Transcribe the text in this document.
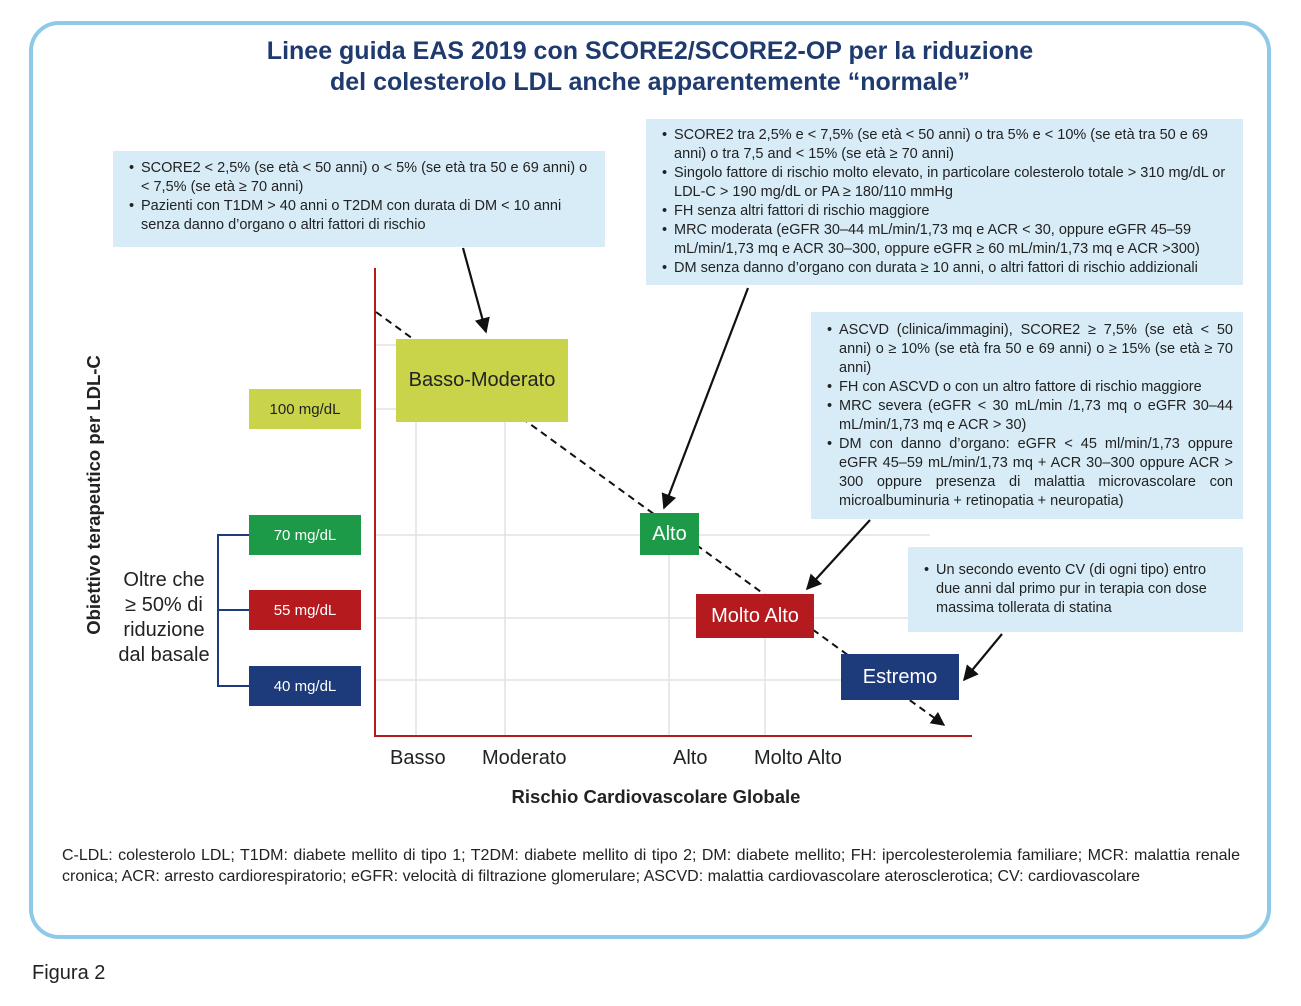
Linee guida EAS 2019 con SCORE2/SCORE2-OP per la riduzione
del colesterolo LDL anche apparentemente “normale”
• SCORE2 < 2,5% (se età < 50 anni) o < 5% (se età tra 50 e 69 anni) o < 7,5% (se età ≥ 70 anni)
• Pazienti con T1DM > 40 anni o T2DM con durata di DM < 10 anni senza danno d’organo o altri fattori di rischio
• SCORE2 tra 2,5% e < 7,5% (se età < 50 anni) o tra 5% e < 10% (se età tra 50 e 69 anni) o tra 7,5 and < 15% (se età ≥ 70 anni)
• Singolo fattore di rischio molto elevato, in particolare colesterolo totale > 310 mg/dL or LDL-C > 190 mg/dL or PA ≥ 180/110 mmHg
• FH senza altri fattori di rischio maggiore
• MRC moderata (eGFR 30–44 mL/min/1,73 mq e ACR < 30, oppure eGFR 45–59 mL/min/1,73 mq e ACR 30–300, oppure eGFR ≥ 60 mL/min/1,73 mq e ACR >300)
• DM senza danno d’organo con durata ≥ 10 anni, o altri fattori di rischio addizionali
• ASCVD (clinica/immagini), SCORE2 ≥ 7,5% (se età < 50 anni) o ≥ 10% (se età fra 50 e 69 anni) o ≥ 15% (se età ≥ 70 anni)
• FH con ASCVD o con un altro fattore di rischio maggiore
• MRC severa (eGFR < 30 mL/min /1,73 mq o eGFR 30–44 mL/min/1,73 mq e ACR > 30)
• DM con danno d’organo: eGFR < 45 ml/min/1,73 oppure eGFR 45–59 mL/min/1,73 mq + ACR 30–300 oppure ACR > 300 oppure presenza di malattia microvascolare con microalbuminuria + retinopatia + neuropatia)
• Un secondo evento CV (di ogni tipo) entro due anni dal primo pur in terapia con dose massima tollerata di statina
100 mg/dL
70 mg/dL
55 mg/dL
40 mg/dL
Basso-Moderato
Alto
Molto Alto
Estremo
Basso Moderato	Alto Molto Alto
Rischio Cardiovascolare Globale
Obiettivo terapeutico per LDL-C Oltre che
≥ 50% di
riduzione
dal basale
C-LDL: colesterolo LDL; T1DM: diabete mellito di tipo 1; T2DM: diabete mellito di tipo 2; DM: diabete mellito; FH: ipercolesterolemia familiare; MCR: malattia renale cronica; ACR: arresto cardiorespiratorio; eGFR: velocità di filtrazione glomerulare; ASCVD: malattia cardiovascolare aterosclerotica; CV: cardiovascolare
Figura 2
